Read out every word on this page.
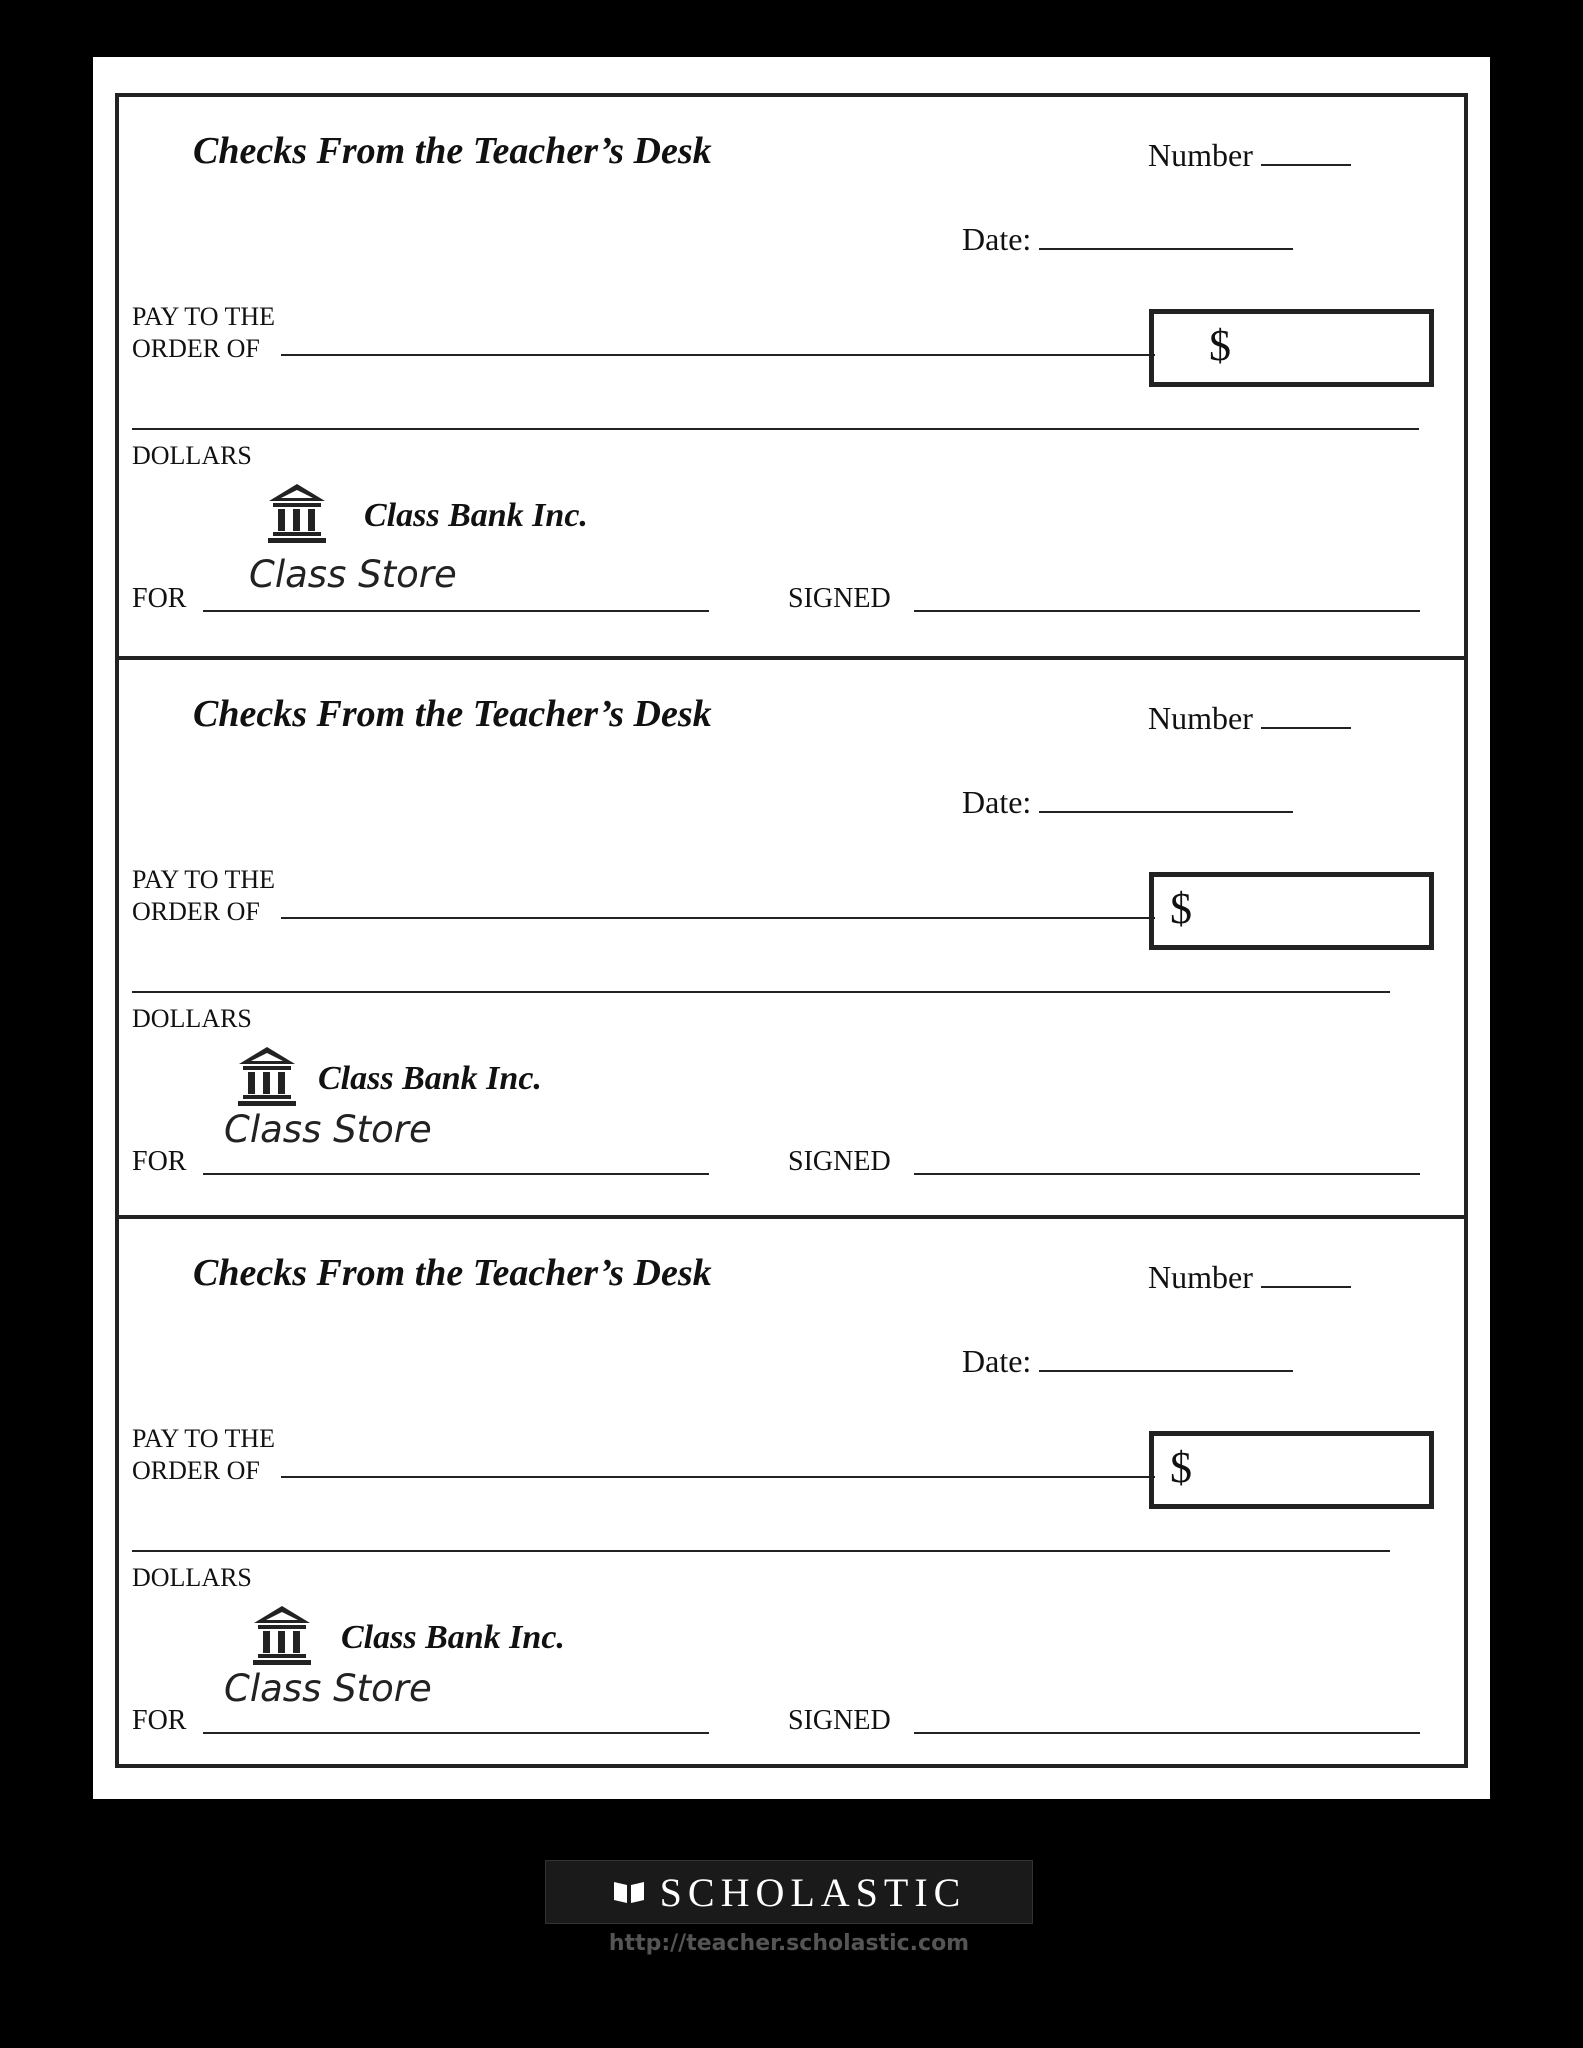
Checks From the Teacher’s Desk	Number
Date:
PAY TO THE
ORDER OF	$
DOLLARS
Class Bank Inc.
FOR
Class Store
SIGNED
Checks From the Teacher’s Desk	Number
Date:
PAY TO THE
ORDER OF	$
DOLLARS
Class Bank Inc.
FOR
Class Store
SIGNED
Checks From the Teacher’s Desk	Number
Date:
PAY TO THE
ORDER OF	$
DOLLARS
Class Bank Inc.
FOR
Class Store
SIGNED
SCHOLASTIC
http://teacher.scholastic.com
